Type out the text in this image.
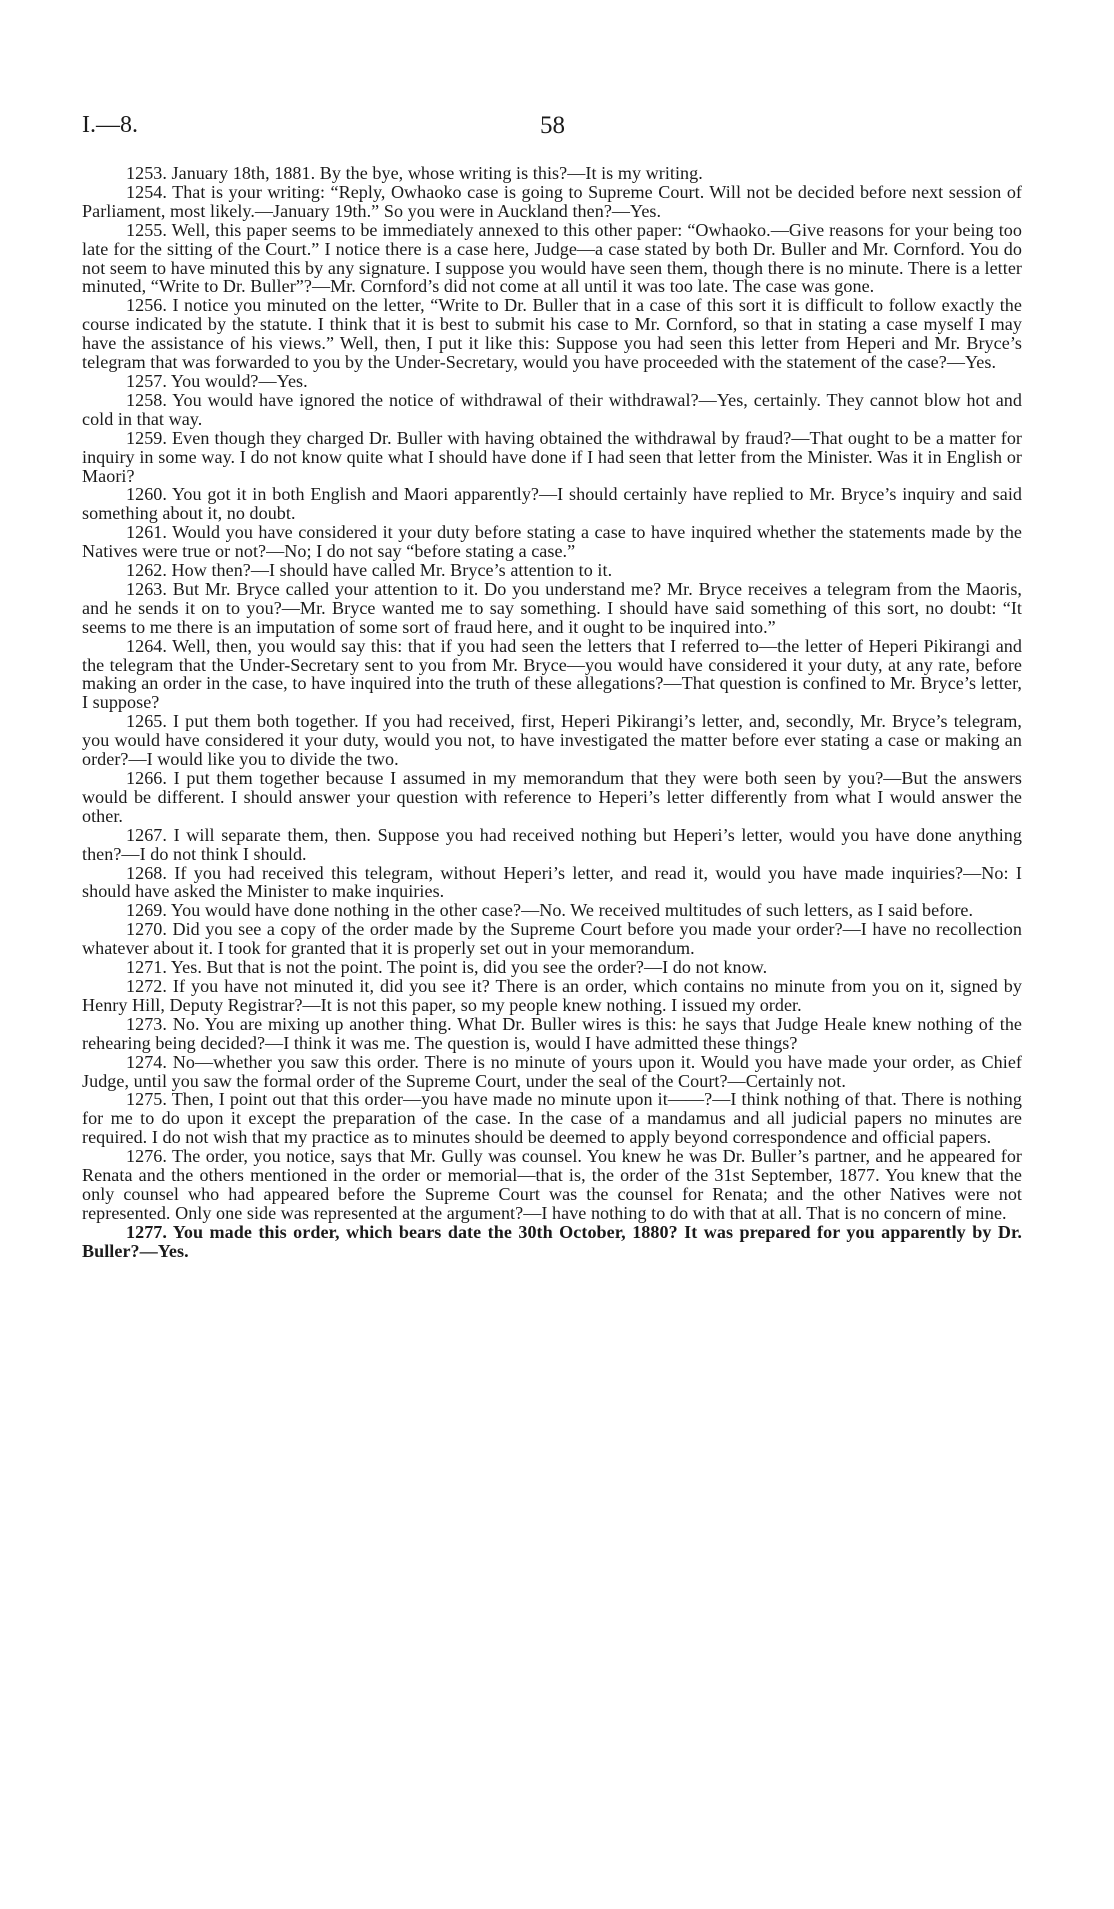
I.—8.	58

1253. January 18th, 1881. By the bye, whose writing is this?—It is my writing.

1254. That is your writing: “Reply, Owhaoko case is going to Supreme Court. Will not be decided before next session of Parliament, most likely.—January 19th.” So you were in Auckland then?—Yes.

1255. Well, this paper seems to be immediately annexed to this other paper: “Owhaoko.—Give reasons for your being too late for the sitting of the Court.” I notice there is a case here, Judge—a case stated by both Dr. Buller and Mr. Cornford. You do not seem to have minuted this by any signature. I suppose you would have seen them, though there is no minute. There is a letter minuted, “Write to Dr. Buller”?—Mr. Cornford’s did not come at all until it was too late. The case was gone.

1256. I notice you minuted on the letter, “Write to Dr. Buller that in a case of this sort it is difficult to follow exactly the course indicated by the statute. I think that it is best to submit his case to Mr. Cornford, so that in stating a case myself I may have the assistance of his views.” Well, then, I put it like this: Suppose you had seen this letter from Heperi and Mr. Bryce’s telegram that was forwarded to you by the Under-Secretary, would you have proceeded with the statement of the case?—Yes.

1257. You would?—Yes.

1258. You would have ignored the notice of withdrawal of their withdrawal?—Yes, certainly. They cannot blow hot and cold in that way.

1259. Even though they charged Dr. Buller with having obtained the withdrawal by fraud?—That ought to be a matter for inquiry in some way. I do not know quite what I should have done if I had seen that letter from the Minister. Was it in English or Maori?

1260. You got it in both English and Maori apparently?—I should certainly have replied to Mr. Bryce’s inquiry and said something about it, no doubt.

1261. Would you have considered it your duty before stating a case to have inquired whether the statements made by the Natives were true or not?—No; I do not say “before stating a case.”

1262. How then?—I should have called Mr. Bryce’s attention to it.

1263. But Mr. Bryce called your attention to it. Do you understand me? Mr. Bryce receives a telegram from the Maoris, and he sends it on to you?—Mr. Bryce wanted me to say something. I should have said something of this sort, no doubt: “It seems to me there is an imputation of some sort of fraud here, and it ought to be inquired into.”

1264. Well, then, you would say this: that if you had seen the letters that I referred to—the letter of Heperi Pikirangi and the telegram that the Under-Secretary sent to you from Mr. Bryce—you would have considered it your duty, at any rate, before making an order in the case, to have inquired into the truth of these allegations?—That question is confined to Mr. Bryce’s letter, I suppose?

1265. I put them both together. If you had received, first, Heperi Pikirangi’s letter, and, secondly, Mr. Bryce’s telegram, you would have considered it your duty, would you not, to have investigated the matter before ever stating a case or making an order?—I would like you to divide the two.

1266. I put them together because I assumed in my memorandum that they were both seen by you?—But the answers would be different. I should answer your question with reference to Heperi’s letter differently from what I would answer the other.

1267. I will separate them, then. Suppose you had received nothing but Heperi’s letter, would you have done anything then?—I do not think I should.

1268. If you had received this telegram, without Heperi’s letter, and read it, would you have made inquiries?—No: I should have asked the Minister to make inquiries.

1269. You would have done nothing in the other case?—No. We received multitudes of such letters, as I said before.

1270. Did you see a copy of the order made by the Supreme Court before you made your order?—I have no recollection whatever about it. I took for granted that it is properly set out in your memorandum.

1271. Yes. But that is not the point. The point is, did you see the order?—I do not know.

1272. If you have not minuted it, did you see it? There is an order, which contains no minute from you on it, signed by Henry Hill, Deputy Registrar?—It is not this paper, so my people knew nothing. I issued my order.

1273. No. You are mixing up another thing. What Dr. Buller wires is this: he says that Judge Heale knew nothing of the rehearing being decided?—I think it was me. The question is, would I have admitted these things?

1274. No—whether you saw this order. There is no minute of yours upon it. Would you have made your order, as Chief Judge, until you saw the formal order of the Supreme Court, under the seal of the Court?—Certainly not.

1275. Then, I point out that this order—you have made no minute upon it——?—I think nothing of that. There is nothing for me to do upon it except the preparation of the case. In the case of a mandamus and all judicial papers no minutes are required. I do not wish that my practice as to minutes should be deemed to apply beyond correspondence and official papers.

1276. The order, you notice, says that Mr. Gully was counsel. You knew he was Dr. Buller’s partner, and he appeared for Renata and the others mentioned in the order or memorial—that is, the order of the 31st September, 1877. You knew that the only counsel who had appeared before the Supreme Court was the counsel for Renata; and the other Natives were not represented. Only one side was represented at the argument?—I have nothing to do with that at all. That is no concern of mine.

1277. You made this order, which bears date the 30th October, 1880? It was prepared for you apparently by Dr. Buller?—Yes.
